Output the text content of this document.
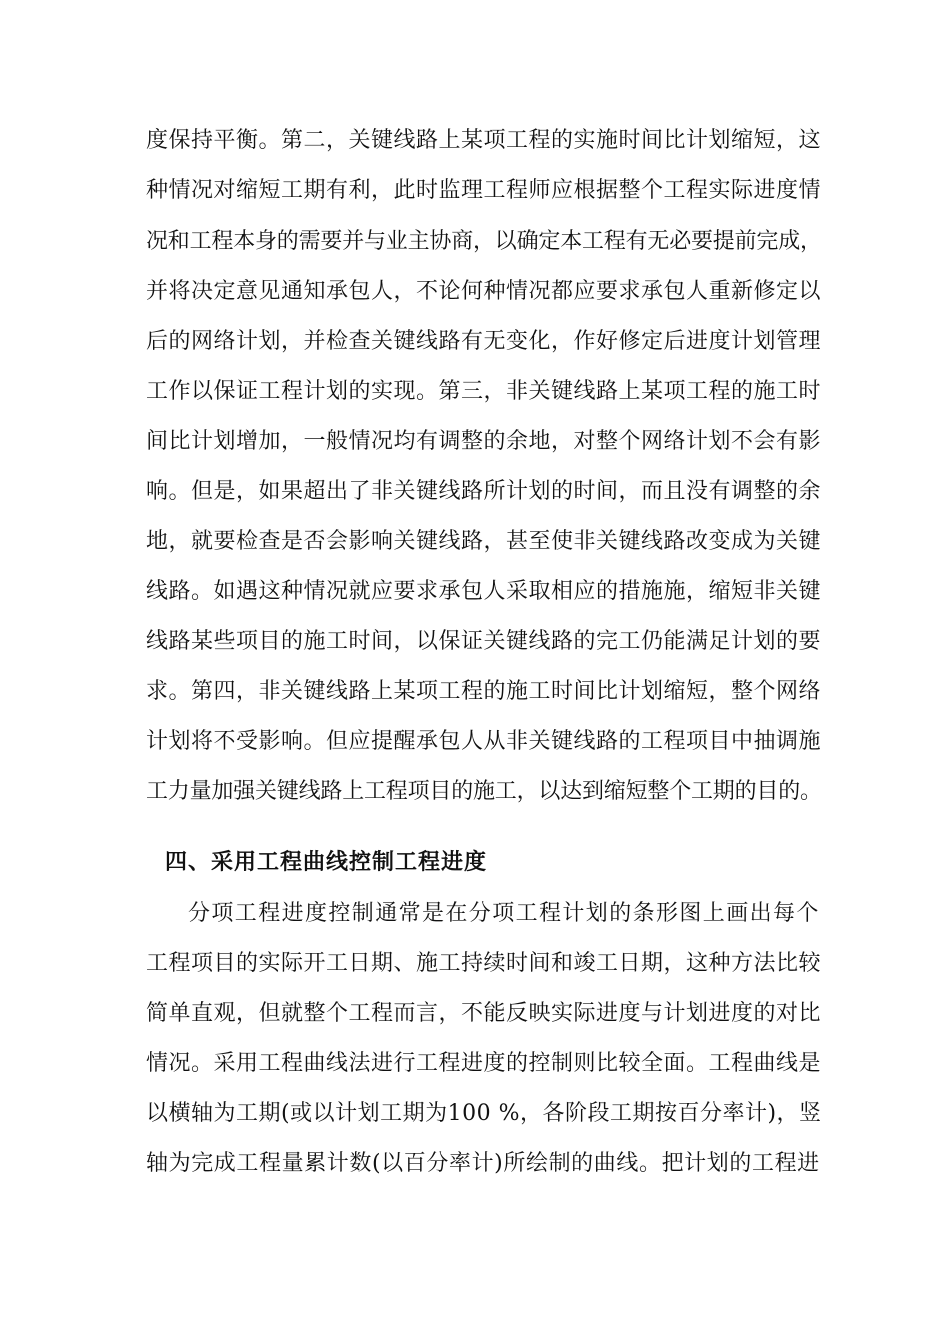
度保持平衡。第二，关键线路上某项工程的实施时间比计划缩短，这
种情况对缩短工期有利，此时监理工程师应根据整个工程实际进度情
况和工程本身的需要并与业主协商，以确定本工程有无必要提前完成，
并将决定意见通知承包人，不论何种情况都应要求承包人重新修定以
后的网络计划，并检查关键线路有无变化，作好修定后进度计划管理
工作以保证工程计划的实现。第三，非关键线路上某项工程的施工时
间比计划增加，一般情况均有调整的余地，对整个网络计划不会有影
响。但是，如果超出了非关键线路所计划的时间，而且没有调整的余
地，就要检查是否会影响关键线路，甚至使非关键线路改变成为关键
线路。如遇这种情况就应要求承包人采取相应的措施施，缩短非关键
线路某些项目的施工时间，以保证关键线路的完工仍能满足计划的要
求。第四，非关键线路上某项工程的施工时间比计划缩短，整个网络
计划将不受影响。但应提醒承包人从非关键线路的工程项目中抽调施
工力量加强关键线路上工程项目的施工，以达到缩短整个工期的目的。
四、采用工程曲线控制工程进度
分项工程进度控制通常是在分项工程计划的条形图上画出每个
工程项目的实际开工日期、施工持续时间和竣工日期，这种方法比较
简单直观，但就整个工程而言，不能反映实际进度与计划进度的对比
情况。采用工程曲线法进行工程进度的控制则比较全面。工程曲线是
以横轴为工期(或以计划工期为100 %，各阶段工期按百分率计)，竖
轴为完成工程量累计数(以百分率计)所绘制的曲线。把计划的工程进
